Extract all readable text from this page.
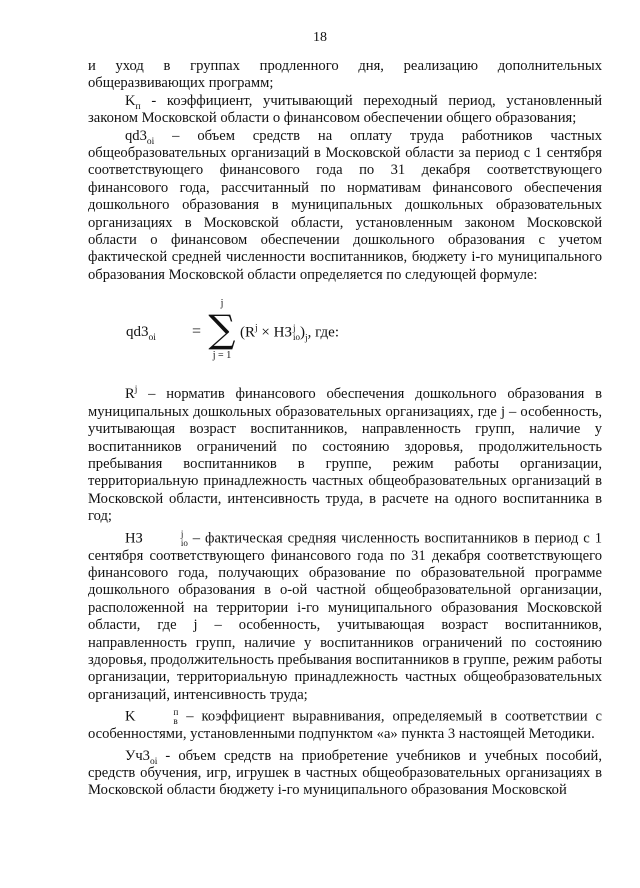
18

и уход в группах продленного дня, реализацию дополнительных общеразвивающих программ;

$K_п$ - коэффициент, учитывающий переходный период, установленный законом Московской области о финансовом обеспечении общего образования;

$qd3_{oi}$ – объем средств на оплату труда работников частных общеобразовательных организаций в Московской области за период с 1 сентября соответствующего финансового года по 31 декабря соответствующего финансового года, рассчитанный по нормативам финансового обеспечения дошкольного образования в муниципальных дошкольных образовательных организациях в Московской области, установленным законом Московской области о финансовом обеспечении дошкольного образования с учетом фактической средней численности воспитанников, бюджету i-го муниципального образования Московской области определяется по следующей формуле:

$qd3_{oi}$ =
j
∑
j = 1
($R^j$ × НЗ j
io )$_j$, где:

$R^j$ – норматив финансового обеспечения дошкольного образования в муниципальных дошкольных образовательных организациях, где j – особенность, учитывающая возраст воспитанников, направленность групп, наличие у воспитанников ограничений по состоянию здоровья, продолжительность пребывания воспитанников в группе, режим работы организации, территориальную принадлежность частных общеобразовательных организаций в Московской области, интенсивность труда, в расчете на одного воспитанника в год;

НЗ	j
io – фактическая средняя численность воспитанников в период с 1 сентября соответствующего финансового года по 31 декабря соответствующего финансового года, получающих образование по образовательной программе дошкольного образования в о-ой частной общеобразовательной организации, расположенной на территории i-го муниципального образования Московской области, где j – особенность, учитывающая возраст воспитанников, направленность групп, наличие у воспитанников ограничений по состоянию здоровья, продолжительность пребывания воспитанников в группе, режим работы организации, территориальную принадлежность частных общеобразовательных организаций, интенсивность труда;

K	п
в – коэффициент выравнивания, определяемый в соответствии с особенностями, установленными подпунктом «а» пункта 3 настоящей Методики.

$Уч3_{oi}$ - объем средств на приобретение учебников и учебных пособий, средств обучения, игр, игрушек в частных общеобразовательных организациях в Московской области бюджету i-го муниципального образования Московской
